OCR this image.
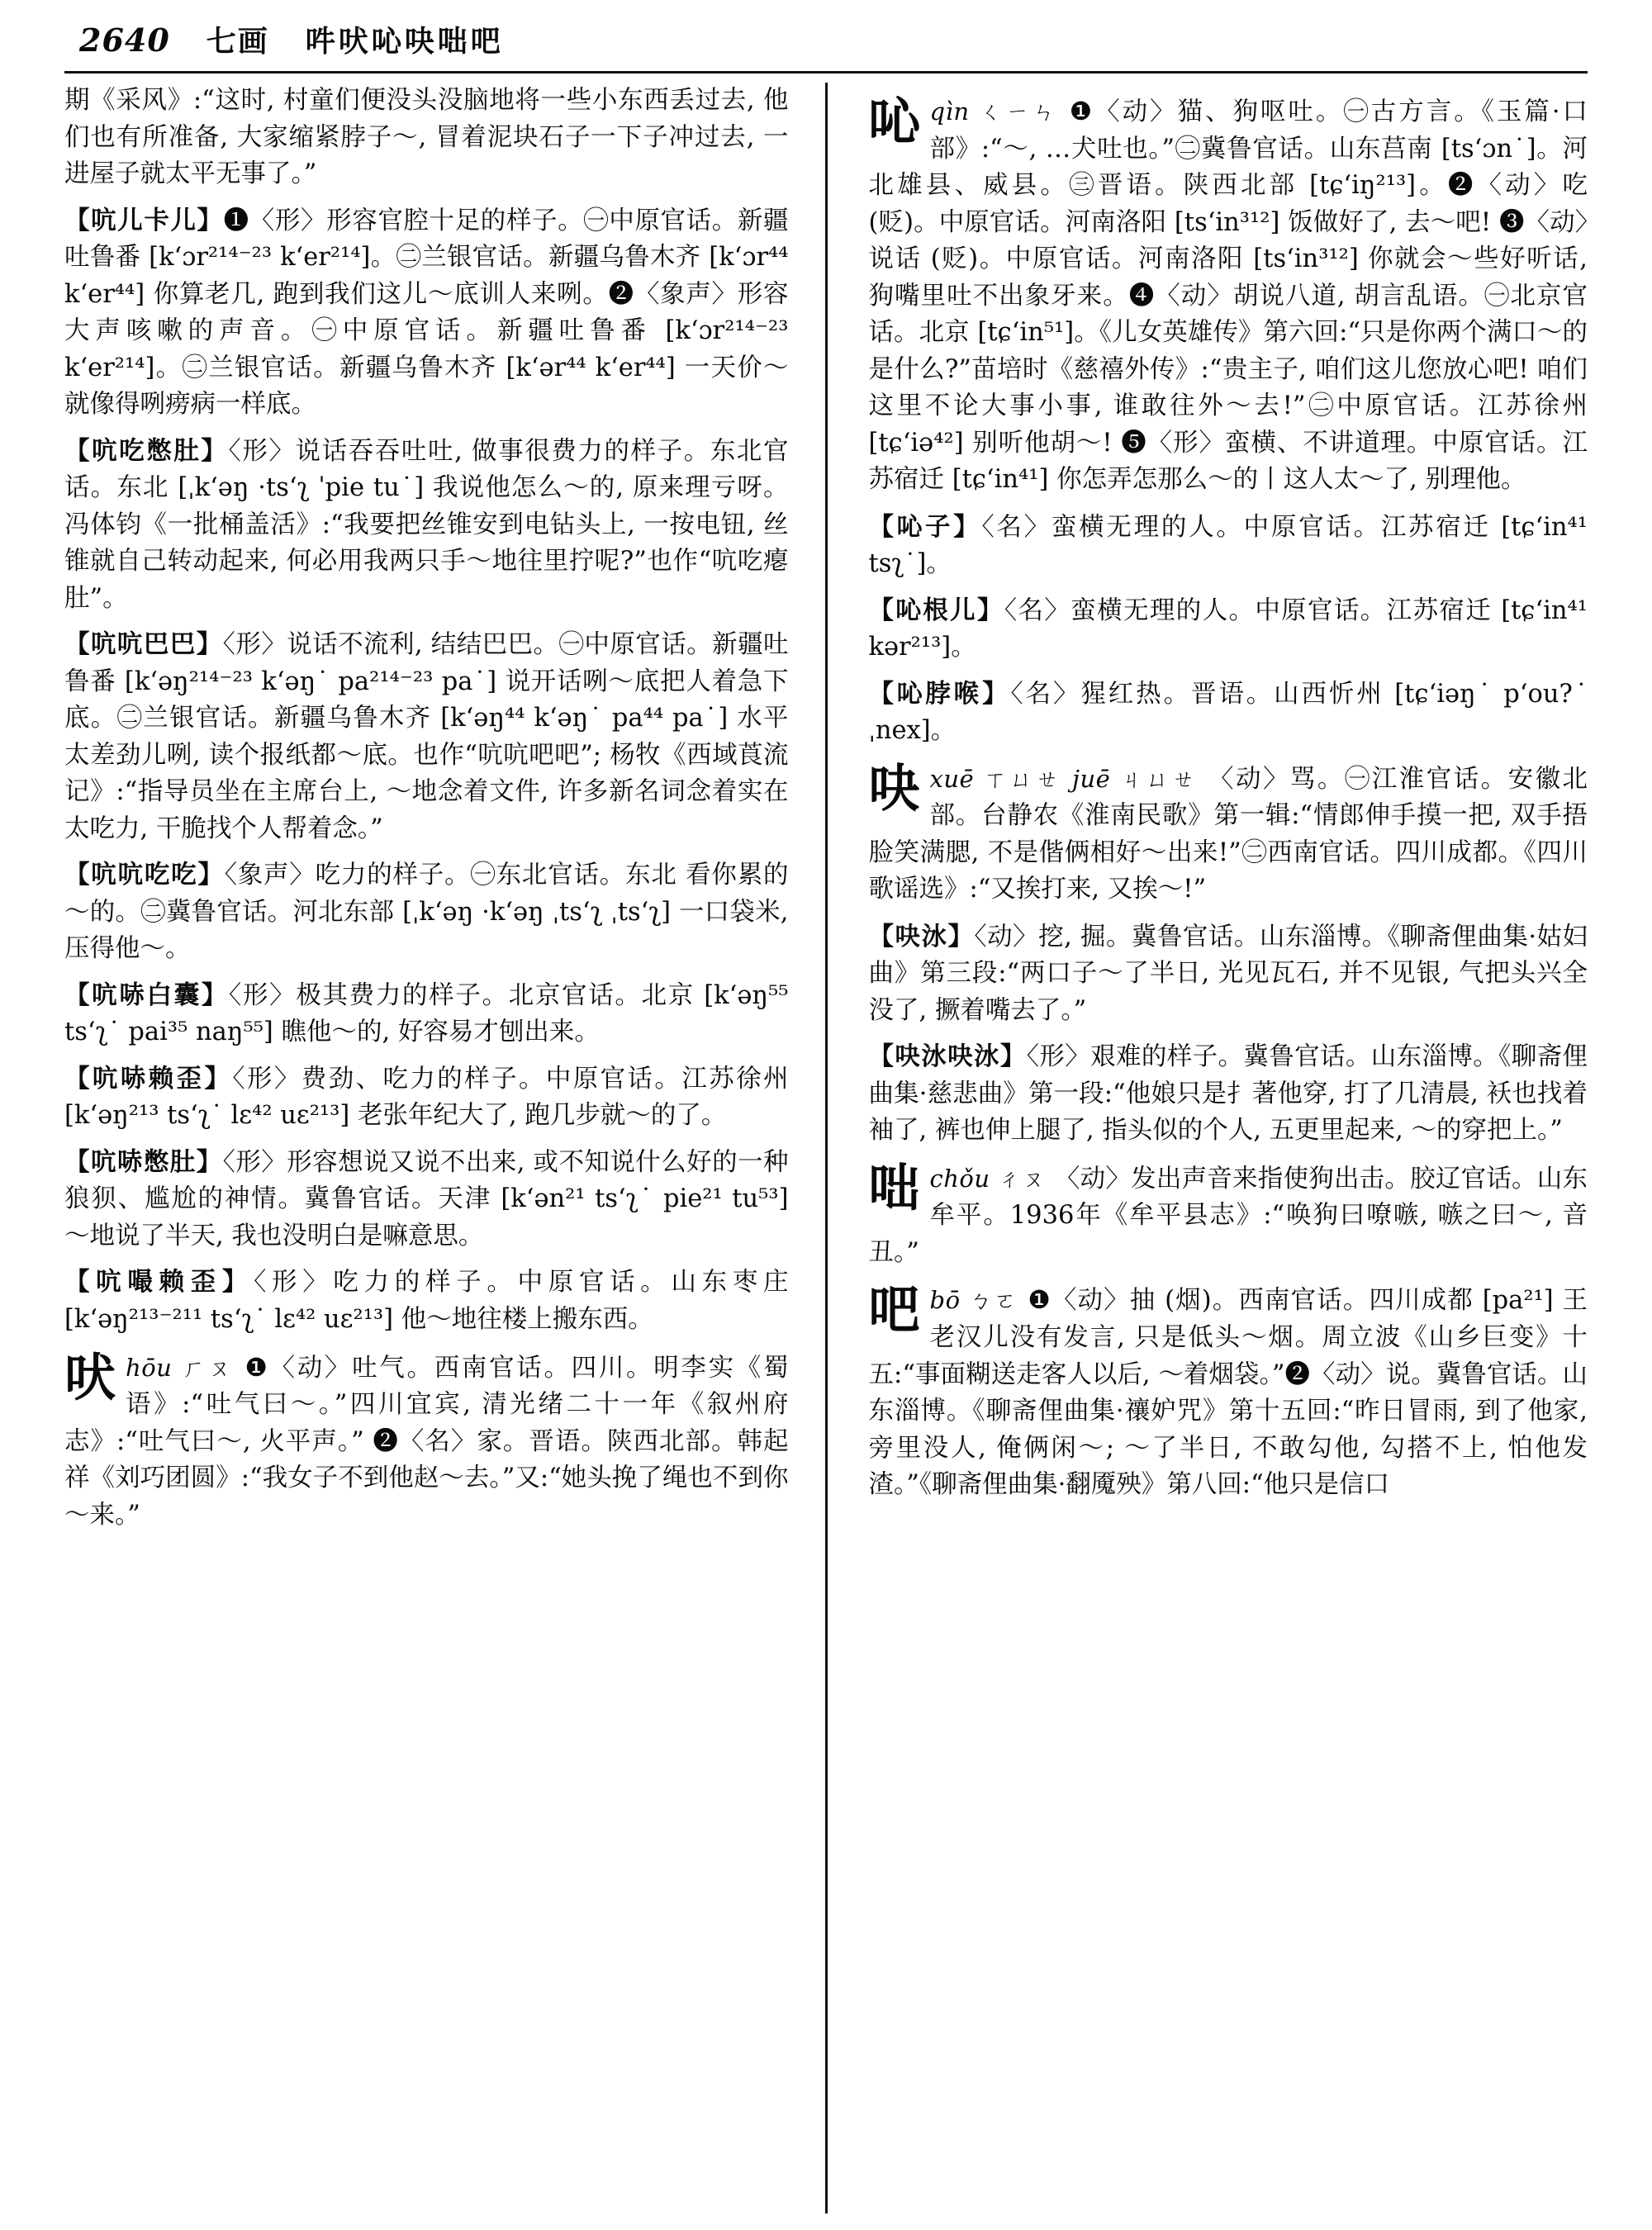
2640 七画 吽吠吣吷咄吧

期《采风》:“这时, 村童们便没头没脑地将一些小东西丢过去, 他们也有所准备, 大家缩紧脖子～, 冒着泥块石子一下子冲过去, 一进屋子就太平无事了。”

【吭儿卡儿】❶〈形〉形容官腔十足的样子。㊀中原官话。新疆吐鲁番 [kʻɔr²¹⁴⁻²³ kʻer²¹⁴]。㊁兰银官话。新疆乌鲁木齐 [kʻɔr⁴⁴ kʻer⁴⁴] 你算老几, 跑到我们这儿～底训人来咧。❷〈象声〉形容大声咳嗽的声音。㊀中原官话。新疆吐鲁番 [kʻɔr²¹⁴⁻²³ kʻer²¹⁴]。㊁兰银官话。新疆乌鲁木齐 [kʻər⁴⁴ kʻer⁴⁴] 一天价～就像得咧痨病一样底。

【吭吃憋肚】〈形〉说话吞吞吐吐, 做事很费力的样子。东北官话。东北 [ˌkʻəŋ ·tsʻʅ ˈpie tu˙] 我说他怎么～的, 原来理亏呀。冯体钧《一批桶盖活》:“我要把丝锥安到电钻头上, 一按电钮, 丝锥就自己转动起来, 何必用我两只手～地往里拧呢?”也作“吭吃瘪肚”。

【吭吭巴巴】〈形〉说话不流利, 结结巴巴。㊀中原官话。新疆吐鲁番 [kʻəŋ²¹⁴⁻²³ kʻəŋ˙ pa²¹⁴⁻²³ pa˙] 说开话咧～底把人着急下底。㊁兰银官话。新疆乌鲁木齐 [kʻəŋ⁴⁴ kʻəŋ˙ pa⁴⁴ pa˙] 水平太差劲儿咧, 读个报纸都～底。也作“吭吭吧吧”; 杨牧《西域莨流记》:“指导员坐在主席台上, ～地念着文件, 许多新名词念着实在太吃力, 干脆找个人帮着念。”

【吭吭吃吃】〈象声〉吃力的样子。㊀东北官话。东北 看你累的～的。㊁冀鲁官话。河北东部 [ˌkʻəŋ ·kʻəŋ ˌtsʻʅ ˌtsʻʅ] 一口袋米, 压得他～。

【吭哧白囊】〈形〉极其费力的样子。北京官话。北京 [kʻəŋ⁵⁵ tsʻʅ˙ pai³⁵ naŋ⁵⁵] 瞧他～的, 好容易才刨出来。

【吭哧赖歪】〈形〉费劲、吃力的样子。中原官话。江苏徐州 [kʻəŋ²¹³ tsʻʅ˙ lɛ⁴² uɛ²¹³] 老张年纪大了, 跑几步就～的了。

【吭哧憋肚】〈形〉形容想说又说不出来, 或不知说什么好的一种狼狈、尴尬的神情。冀鲁官话。天津 [kʻən²¹ tsʻʅ˙ pie²¹ tu⁵³] ～地说了半天, 我也没明白是嘛意思。

【吭嘬赖歪】〈形〉吃力的样子。中原官话。山东枣庄 [kʻəŋ²¹³⁻²¹¹ tsʻʅ˙ lɛ⁴² uɛ²¹³] 他～地往楼上搬东西。

吠 hōu ㄏㄡ ❶〈动〉吐气。西南官话。四川。明李实《蜀语》:“吐气曰～。”四川宜宾, 清光绪二十一年《叙州府志》:“吐气曰～, 火平声。” ❷〈名〉家。晋语。陕西北部。韩起祥《刘巧团圆》:“我女子不到他赵～去。”又:“她头挽了绳也不到你～来。”
吣 qìn ㄑㄧㄣ ❶〈动〉猫、狗呕吐。㊀古方言。《玉篇·口部》:“～, …犬吐也。”㊁冀鲁官话。山东莒南 [tsʻɔn˙]。河北雄县、威县。㊂晋语。陕西北部 [tɕʻiŋ²¹³]。❷〈动〉吃 (贬)。中原官话。河南洛阳 [tsʻin³¹²] 饭做好了, 去～吧! ❸〈动〉说话 (贬)。中原官话。河南洛阳 [tsʻin³¹²] 你就会～些好听话, 狗嘴里吐不出象牙来。❹〈动〉胡说八道, 胡言乱语。㊀北京官话。北京 [tɕʻin⁵¹]。《儿女英雄传》第六回:“只是你两个满口～的是什么?”苗培时《慈禧外传》:“贵主子, 咱们这儿您放心吧! 咱们这里不论大事小事, 谁敢往外～去!”㊁中原官话。江苏徐州 [tɕʻiə⁴²] 别听他胡～! ❺〈形〉蛮横、不讲道理。中原官话。江苏宿迁 [tɕʻin⁴¹] 你怎弄怎那么～的丨这人太～了, 别理他。

【吣子】〈名〉蛮横无理的人。中原官话。江苏宿迁 [tɕʻin⁴¹ tsʅ˙]。

【吣根儿】〈名〉蛮横无理的人。中原官话。江苏宿迁 [tɕʻin⁴¹ kər²¹³]。

【吣脖喉】〈名〉猩红热。晋语。山西忻州 [tɕʻiəŋ˙ pʻou?˙ ˌnex]。

吷 xuē ㄒㄩㄝ juē ㄐㄩㄝ 〈动〉骂。㊀江淮官话。安徽北部。台静农《淮南民歌》第一辑:“情郎伸手摸一把, 双手捂脸笑满腮, 不是偕俩相好～出来!”㊁西南官话。四川成都。《四川歌谣选》:“又挨打来, 又挨～!”

【吷𣲙】〈动〉挖, 掘。冀鲁官话。山东淄博。《聊斋俚曲集·姑妇曲》第三段:“两口子～了半日, 光见瓦石, 并不见银, 气把头兴全没了, 撅着嘴去了。”

【吷𣲙吷𣲙】〈形〉艰难的样子。冀鲁官话。山东淄博。《聊斋俚曲集·慈悲曲》第一段:“他娘只是扌著他穿, 打了几清晨, 袄也找着袖了, 裤也伸上腿了, 指头似的个人, 五更里起来, ～的穿把上。”

咄 chǒu ㄔㄡ 〈动〉发出声音来指使狗出击。胶辽官话。山东牟平。1936年《牟平县志》:“唤狗曰嘹嗾, 嗾之曰～, 音丑。”
吧 bō ㄅㄛ ❶〈动〉抽 (烟)。西南官话。四川成都 [pa²¹] 王老汉儿没有发言, 只是低头～烟。周立波《山乡巨变》十五:“事面糊送走客人以后, ～着烟袋。”❷〈动〉说。冀鲁官话。山东淄博。《聊斋俚曲集·禳妒咒》第十五回:“昨日冒雨, 到了他家, 旁里没人, 俺俩闲～; ～了半日, 不敢勾他, 勾搭不上, 怕他发渣。”《聊斋俚曲集·翻魇殃》第八回:“他只是信口
